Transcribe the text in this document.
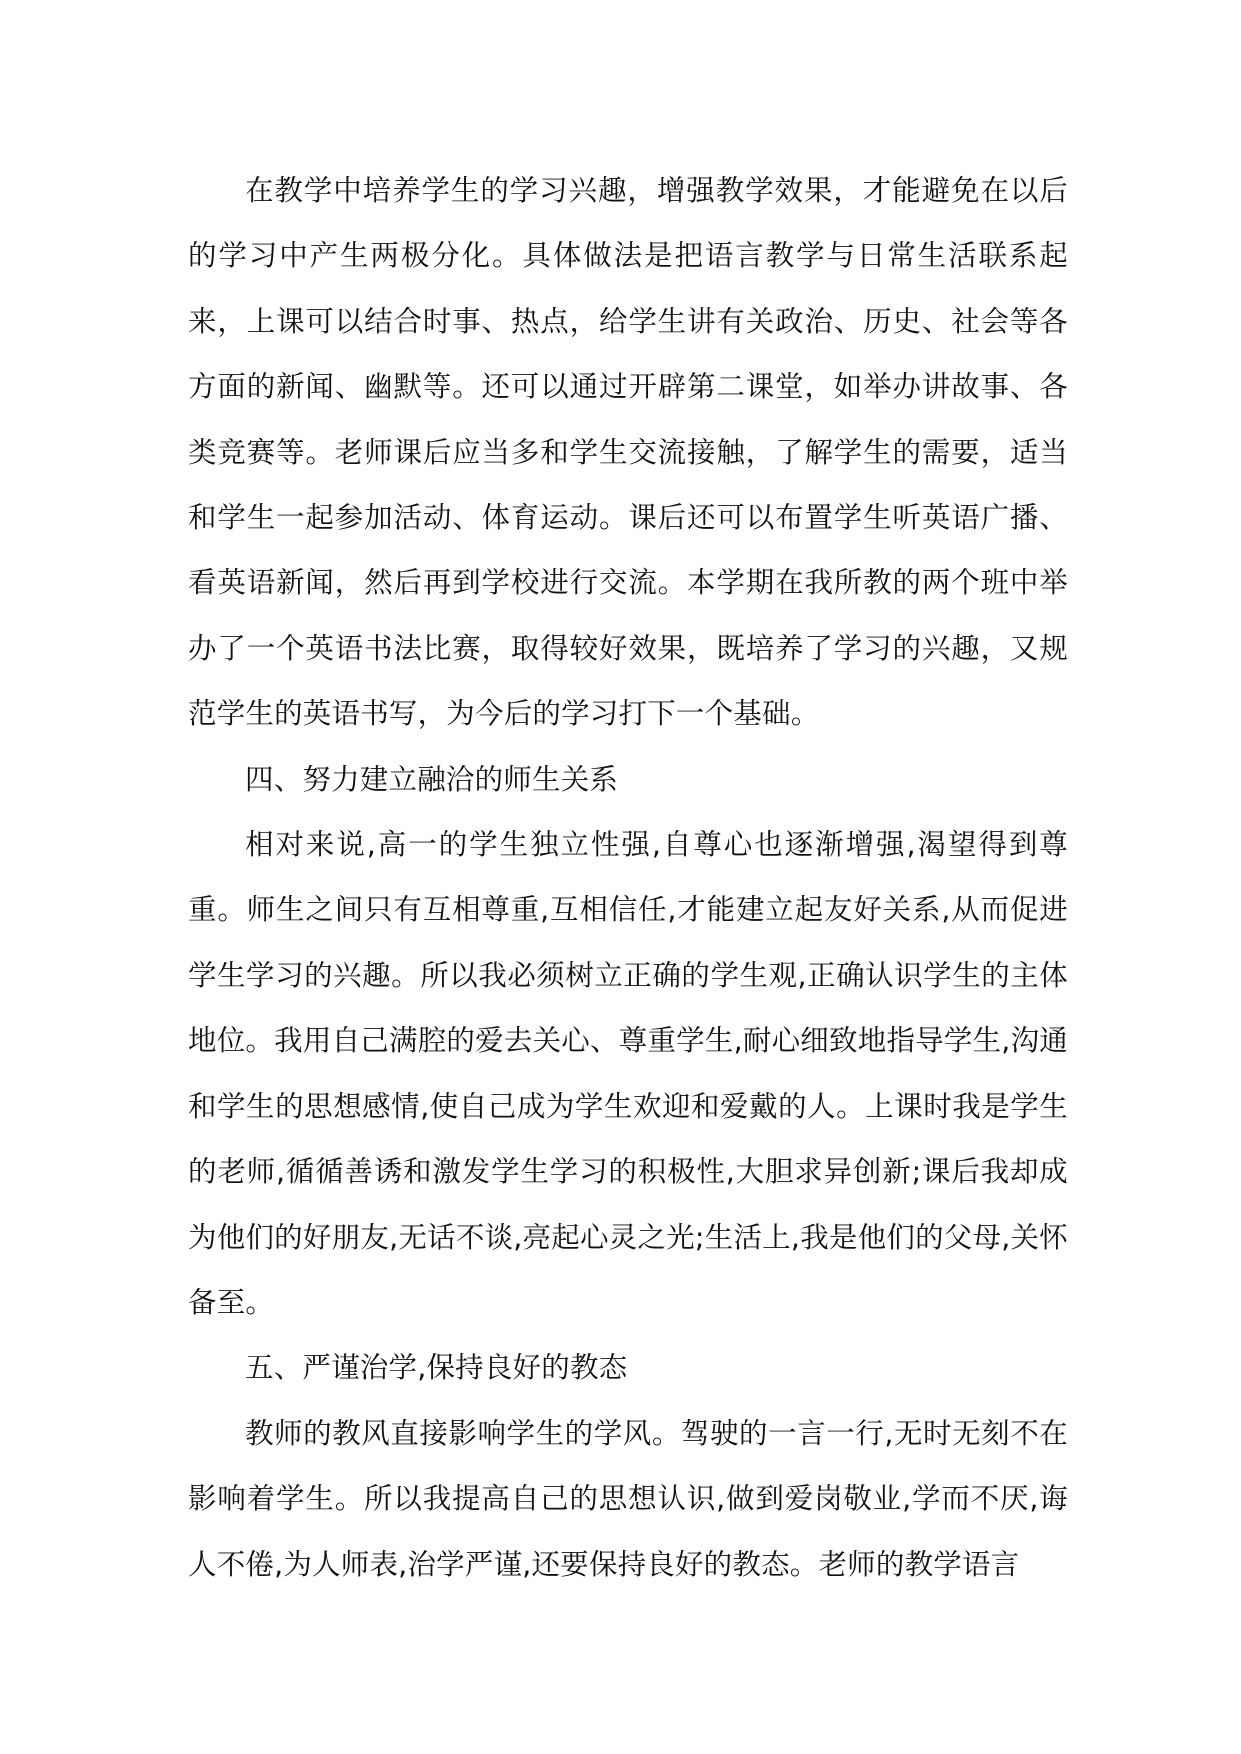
在教学中培养学生的学习兴趣，增强教学效果，才能避免在以后的学习中产生两极分化。具体做法是把语言教学与日常生活联系起来，上课可以结合时事、热点，给学生讲有关政治、历史、社会等各方面的新闻、幽默等。还可以通过开辟第二课堂，如举办讲故事、各类竞赛等。老师课后应当多和学生交流接触，了解学生的需要，适当和学生一起参加活动、体育运动。课后还可以布置学生听英语广播、看英语新闻，然后再到学校进行交流。本学期在我所教的两个班中举办了一个英语书法比赛，取得较好效果，既培养了学习的兴趣，又规范学生的英语书写，为今后的学习打下一个基础。

四、努力建立融洽的师生关系

相对来说,高一的学生独立性强,自尊心也逐渐增强,渴望得到尊重。师生之间只有互相尊重,互相信任,才能建立起友好关系,从而促进学生学习的兴趣。所以我必须树立正确的学生观,正确认识学生的主体地位。我用自己满腔的爱去关心、尊重学生,耐心细致地指导学生,沟通和学生的思想感情,使自己成为学生欢迎和爱戴的人。上课时我是学生的老师,循循善诱和激发学生学习的积极性,大胆求异创新;课后我却成为他们的好朋友,无话不谈,亮起心灵之光;生活上,我是他们的父母,关怀备至。

五、严谨治学,保持良好的教态

教师的教风直接影响学生的学风。驾驶的一言一行,无时无刻不在影响着学生。所以我提高自己的思想认识,做到爱岗敬业,学而不厌,诲人不倦,为人师表,治学严谨,还要保持良好的教态。老师的教学语言
